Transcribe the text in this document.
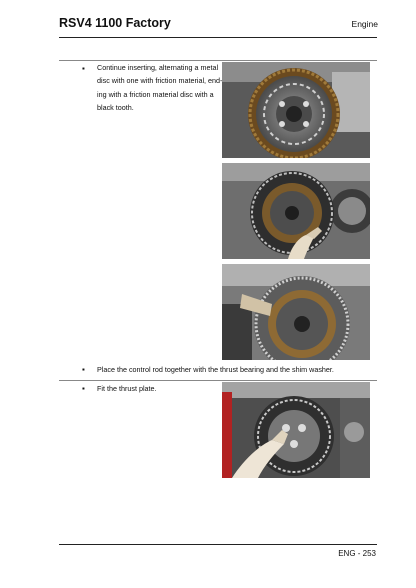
RSV4 1100 Factory	Engine
▪ Continue inserting, alternating a metal
disc with one with friction material, end-
ing with a friction material disc with a
black tooth.
▪ Place the control rod together with the thrust bearing and the shim washer.
▪ Fit the thrust plate.
ENG - 253
